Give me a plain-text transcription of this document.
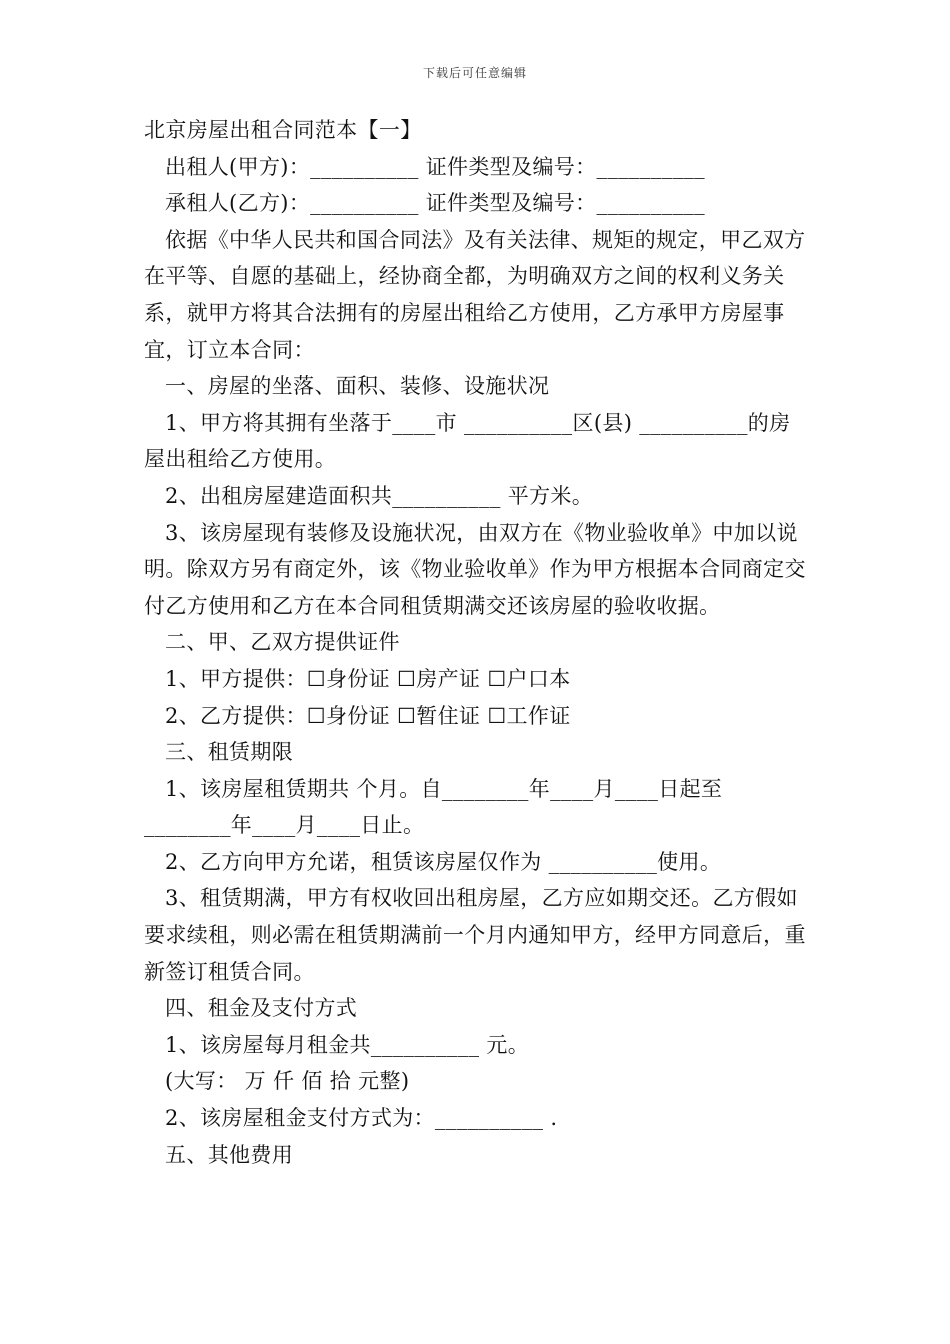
下载后可任意编辑

北京房屋出租合同范本【一】

出租人(甲方)：__________ 证件类型及编号：__________

承租人(乙方)：__________ 证件类型及编号：__________

依据《中华人民共和国合同法》及有关法律、规矩的规定，甲乙双方在平等、自愿的基础上，经协商全都，为明确双方之间的权利义务关系，就甲方将其合法拥有的房屋出租给乙方使用，乙方承甲方房屋事宜，订立本合同：

一、房屋的坐落、面积、装修、设施状况

1、甲方将其拥有坐落于____市 __________区(县) __________的房屋出租给乙方使用。

2、出租房屋建造面积共__________ 平方米。

3、该房屋现有装修及设施状况，由双方在《物业验收单》中加以说明。除双方另有商定外，该《物业验收单》作为甲方根据本合同商定交付乙方使用和乙方在本合同租赁期满交还该房屋的验收收据。

二、甲、乙双方提供证件

1、甲方提供：☐身份证 ☐房产证 ☐户口本

2、乙方提供：☐身份证 ☐暂住证 ☐工作证

三、租赁期限

1、该房屋租赁期共 个月。自________年____月____日起至________年____月____日止。

2、乙方向甲方允诺，租赁该房屋仅作为 __________使用。

3、租赁期满，甲方有权收回出租房屋，乙方应如期交还。乙方假如要求续租，则必需在租赁期满前一个月内通知甲方，经甲方同意后，重新签订租赁合同。

四、租金及支付方式

1、该房屋每月租金共__________ 元。

(大写： 万 仟 佰 拾 元整)

2、该房屋租金支付方式为：__________ .

五、其他费用
